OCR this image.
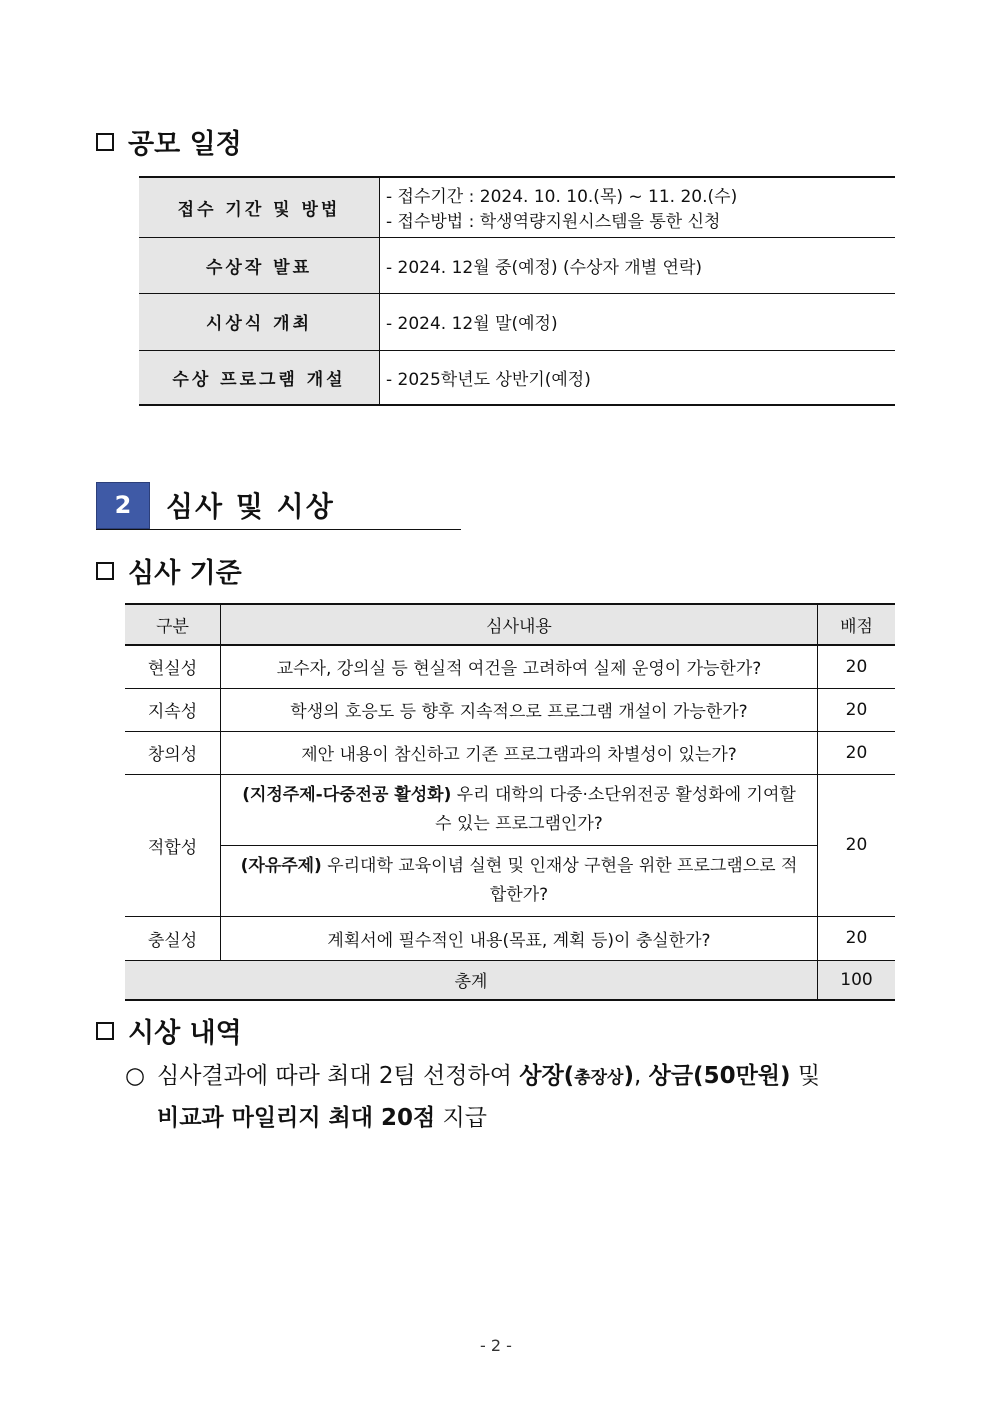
공모 일정
접수 기간 및 방법	- 접수기간 : 2024. 10. 10.(목) ~ 11. 20.(수)
- 접수방법 : 학생역량지원시스템을 통한 신청

수상작 발표	- 2024. 12월 중(예정) (수상자 개별 연락)
시상식 개최	- 2024. 12월 말(예정)
수상 프로그램 개설	- 2025학년도 상반기(예정)
2	심사 및 시상
심사 기준
구분	심사내용	배점
현실성	교수자, 강의실 등 현실적 여건을 고려하여 실제 운영이 가능한가?	20
지속성	학생의 호응도 등 향후 지속적으로 프로그램 개설이 가능한가?	20
창의성	제안 내용이 참신하고 기존 프로그램과의 차별성이 있는가?	20
적합성	(지정주제-다중전공 활성화) 우리 대학의 다중·소단위전공 활성화에 기여할 수 있는 프로그램인가?	20
	(자유주제) 우리대학 교육이념 실현 및 인재상 구현을 위한 프로그램으로 적합한가?	
충실성	계획서에 필수적인 내용(목표, 계획 등)이 충실한가?	20
총계		100
시상 내역
○ 심사결과에 따라 최대 2팀 선정하여 상장(총장상), 상금(50만원) 및
비교과 마일리지 최대 20점 지급
- 2 -
